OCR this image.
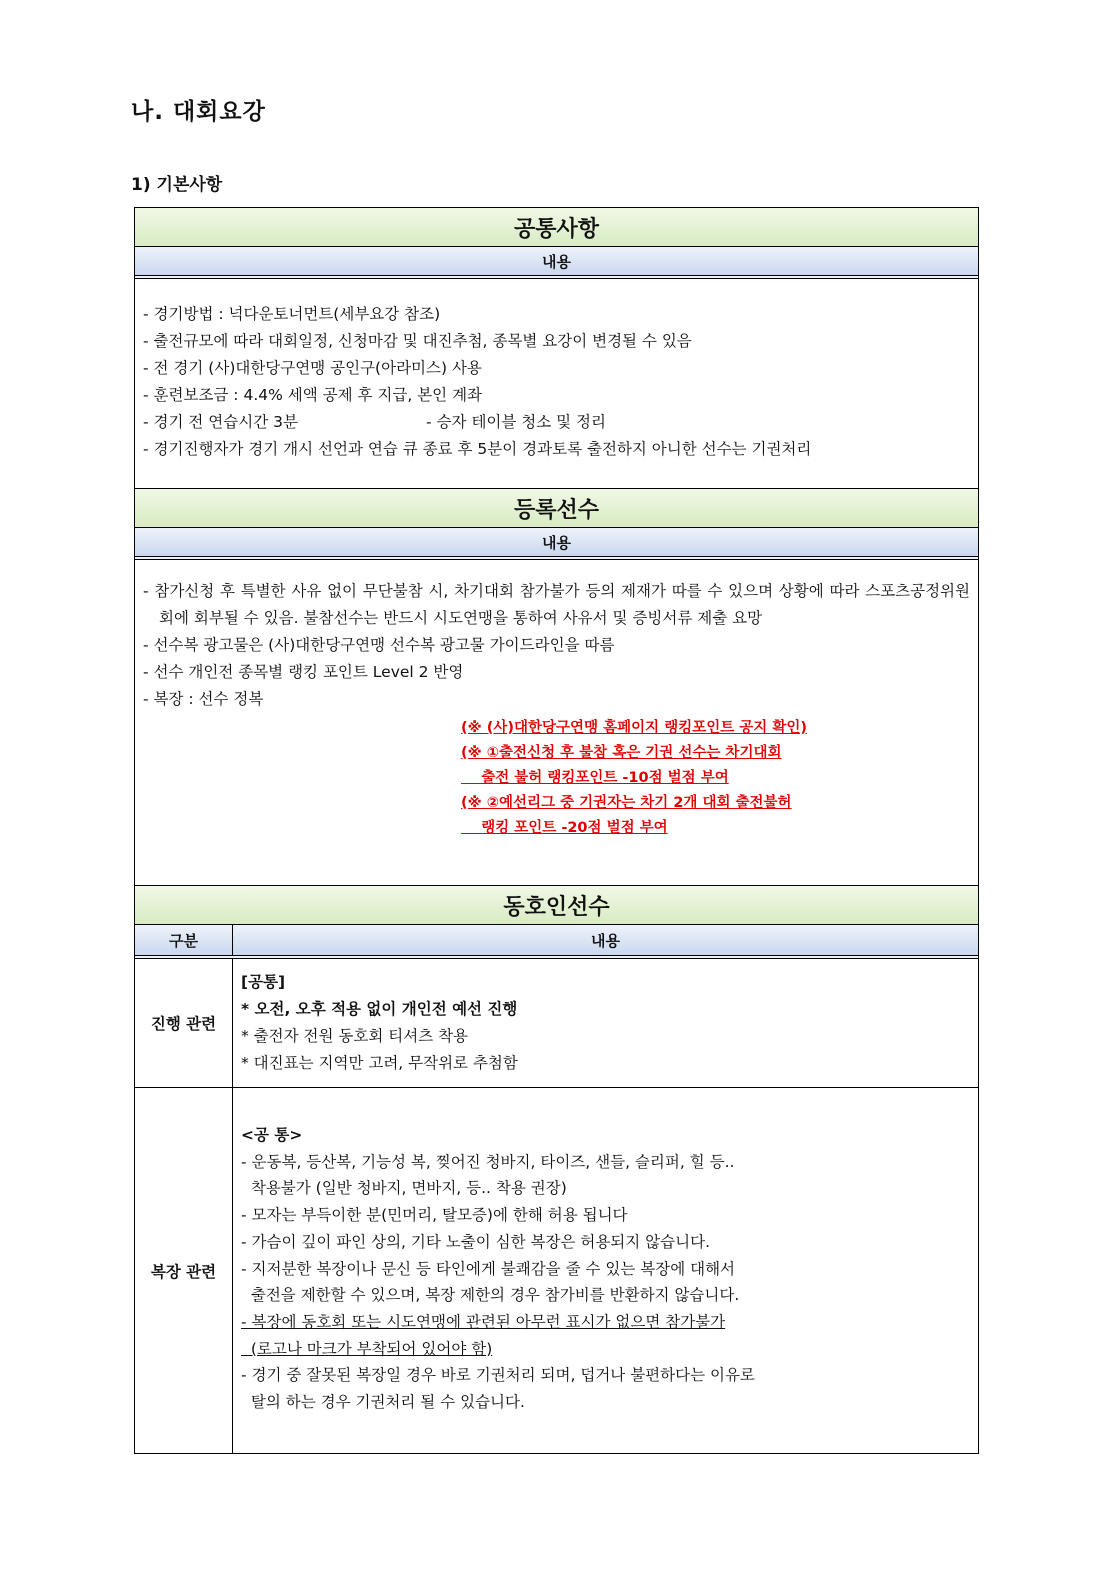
나. 대회요강
1) 기본사항
공통사항
내용
- 경기방법 : 넉다운토너먼트(세부요강 참조)
- 출전규모에 따라 대회일정, 신청마감 및 대진추첨, 종목별 요강이 변경될 수 있음
- 전 경기 (사)대한당구연맹 공인구(아라미스) 사용
- 훈련보조금 : 4.4% 세액 공제 후 지급, 본인 계좌
- 경기 전 연습시간 3분                          - 승자 테이블 청소 및 정리
- 경기진행자가 경기 개시 선언과 연습 큐 종료 후 5분이 경과토록 출전하지 아니한 선수는 기권처리
등록선수
내용
- 참가신청 후 특별한 사유 없이 무단불참 시, 차기대회 참가불가 등의 제재가 따를 수 있으며 상황에 따라 스포츠공정위원회에 회부될 수 있음. 불참선수는 반드시 시도연맹을 통하여 사유서 및 증빙서류 제출 요망
- 선수복 광고물은 (사)대한당구연맹 선수복 광고물 가이드라인을 따름
- 선수 개인전 종목별 랭킹 포인트 Level 2 반영
- 복장 : 선수 정복
(※ (사)대한당구연맹 홈페이지 랭킹포인트 공지 확인)
(※ ①출전신청 후 불참 혹은 기권 선수는 차기대회
출전 불허 랭킹포인트 -10점 벌점 부여
(※ ②예선리그 중 기권자는 차기 2개 대회 출전불허
랭킹 포인트 -20점 벌점 부여
동호인선수
구분	내용
진행 관련
[공통]
* 오전, 오후 적용 없이 개인전 예선 진행
* 출전자 전원 동호회 티셔츠 착용
* 대진표는 지역만 고려, 무작위로 추첨함
복장 관련
<공 통>
- 운동복, 등산복, 기능성 복, 찢어진 청바지, 타이즈, 샌들, 슬리퍼, 힐 등..
착용불가 (일반 청바지, 면바지, 등.. 착용 권장)
- 모자는 부득이한 분(민머리, 탈모증)에 한해 허용 됩니다
- 가슴이 깊이 파인 상의, 기타 노출이 심한 복장은 허용되지 않습니다.
- 지저분한 복장이나 문신 등 타인에게 불쾌감을 줄 수 있는 복장에 대해서
출전을 제한할 수 있으며, 복장 제한의 경우 참가비를 반환하지 않습니다.
- 복장에 동호회 또는 시도연맹에 관련된 아무런 표시가 없으면 참가불가
(로고나 마크가 부착되어 있어야 함)
- 경기 중 잘못된 복장일 경우 바로 기권처리 되며, 덥거나 불편하다는 이유로
탈의 하는 경우 기권처리 될 수 있습니다.
